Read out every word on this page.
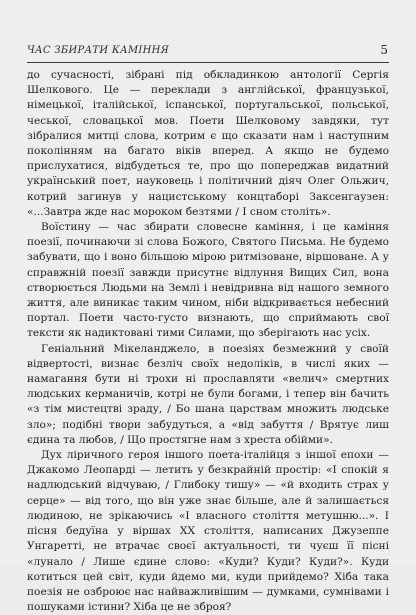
ЧАС ЗБИРАТИ КАМІННЯ	5

до сучасності, зібрані під обкладинкою антології Сергія Шелкового. Це — переклади з англійської, французької, німецької, італійської, іспанської, португальської, польської, чеської, словацької мов. Поети Шелковому завдяки, тут зібралися митці слова, котрим є що сказати нам і наступним поколінням на багато віків вперед. А якщо не будемо прислухатися, відбудеться те, про що попереджав видатний український поет, науковець і політичний діяч Олег Ольжич, котрий загинув у нацистському концтаборі Заксенгаузен: «...Завтра жде нас мороком безтями / І сном століть».

Воїстину — час збирати словесне каміння, і це каміння поезії, починаючи зі слова Божого, Святого Письма. Не будемо забувати, що і воно більшою мірою ритмізоване, віршоване. А у справжній поезії завжди присутнє відлуння Вищих Сил, вона створюється Людьми на Землі і невідривна від нашого земного життя, але виникає таким чином, ніби відкривається небесний портал. Поети часто-густо визнають, що сприймають свої тексти як надиктовані тими Силами, що зберігають нас усіх.

Геніальний Мікеланджело, в поезіях безмежний у своїй відвертості, визнає безліч своїх недоліків, в числі яких — намагання бути ні трохи ні прославляти «велич» смертних людських керманичів, котрі не були богами, і тепер він бачить «з тім мистецтві зраду, / Бо шана царствам множить людське зло»; подібні твори забудуться, а «від забуття / Врятує лиш єдина та любов, / Що простягне нам з хреста обійми».

Дух ліричного героя іншого поета-італійця з іншої епохи — Джакомо Леопарді — летить у безкрайній простір: «І спокій я надлюдський відчуваю, / Глибоку тишу» — «й входить страх у серце» — від того, що він уже знає більше, але й залишається людиною, не зрікаючись «І власного століття метушню...». І пісня бедуїна у віршах XX століття, написаних Джузеппе Унгаретті, не втрачає своєї актуальності, ти чуєш її пісні «лунало / Лише єдине слово: «Куди? Куди? Куди?». Куди котиться цей світ, куди йдемо ми, куди прийдемо? Хіба така поезія не озброює нас найважливішим — думками, сумнівами і пошуками істини? Хіба це не зброя?
